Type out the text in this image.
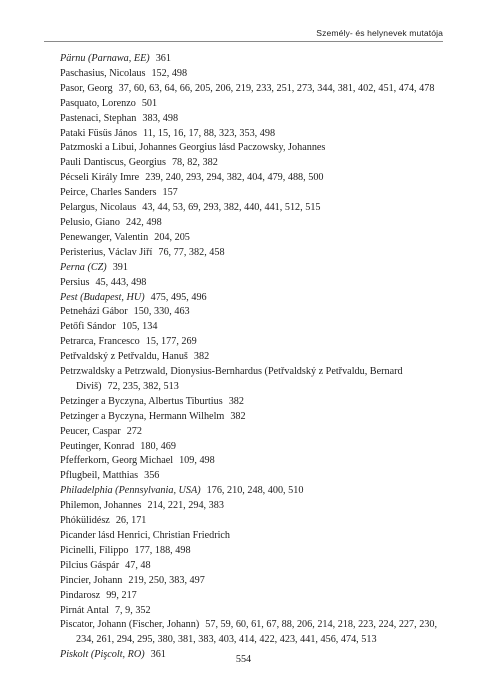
Személy- és helynevek mutatója
Pärnu (Parnawa, EE) 361
Paschasius, Nicolaus 152, 498
Pasor, Georg 37, 60, 63, 64, 66, 205, 206, 219, 233, 251, 273, 344, 381, 402, 451, 474, 478
Pasquato, Lorenzo 501
Pastenaci, Stephan 383, 498
Pataki Füsüs János 11, 15, 16, 17, 88, 323, 353, 498
Patzmoski a Libui, Johannes Georgius lásd Paczowsky, Johannes
Pauli Dantiscus, Georgius 78, 82, 382
Pécseli Király Imre 239, 240, 293, 294, 382, 404, 479, 488, 500
Peirce, Charles Sanders 157
Pelargus, Nicolaus 43, 44, 53, 69, 293, 382, 440, 441, 512, 515
Pelusio, Giano 242, 498
Penewanger, Valentin 204, 205
Peristerius, Václav Jiří 76, 77, 382, 458
Perna (CZ) 391
Persius 45, 443, 498
Pest (Budapest, HU) 475, 495, 496
Petneházi Gábor 150, 330, 463
Petőfi Sándor 105, 134
Petrarca, Francesco 15, 177, 269
Petřvaldský z Petřvaldu, Hanuš 382
Petrzwaldsky a Petrzwald, Dionysius-Bernhardus (Petřvaldský z Petřvaldu, Bernard Diviš) 72, 235, 382, 513
Petzinger a Byczyna, Albertus Tiburtius 382
Petzinger a Byczyna, Hermann Wilhelm 382
Peucer, Caspar 272
Peutinger, Konrad 180, 469
Pfefferkorn, Georg Michael 109, 498
Pflugbeil, Matthias 356
Philadelphia (Pennsylvania, USA) 176, 210, 248, 400, 510
Philemon, Johannes 214, 221, 294, 383
Phókülidész 26, 171
Picander lásd Henrici, Christian Friedrich
Picinelli, Filippo 177, 188, 498
Pilcius Gáspár 47, 48
Pincier, Johann 219, 250, 383, 497
Pindarosz 99, 217
Pirnát Antal 7, 9, 352
Piscator, Johann (Fischer, Johann) 57, 59, 60, 61, 67, 88, 206, 214, 218, 223, 224, 227, 230, 234, 261, 294, 295, 380, 381, 383, 403, 414, 422, 423, 441, 456, 474, 513
Piskolt (Pişcolt, RO) 361	554
